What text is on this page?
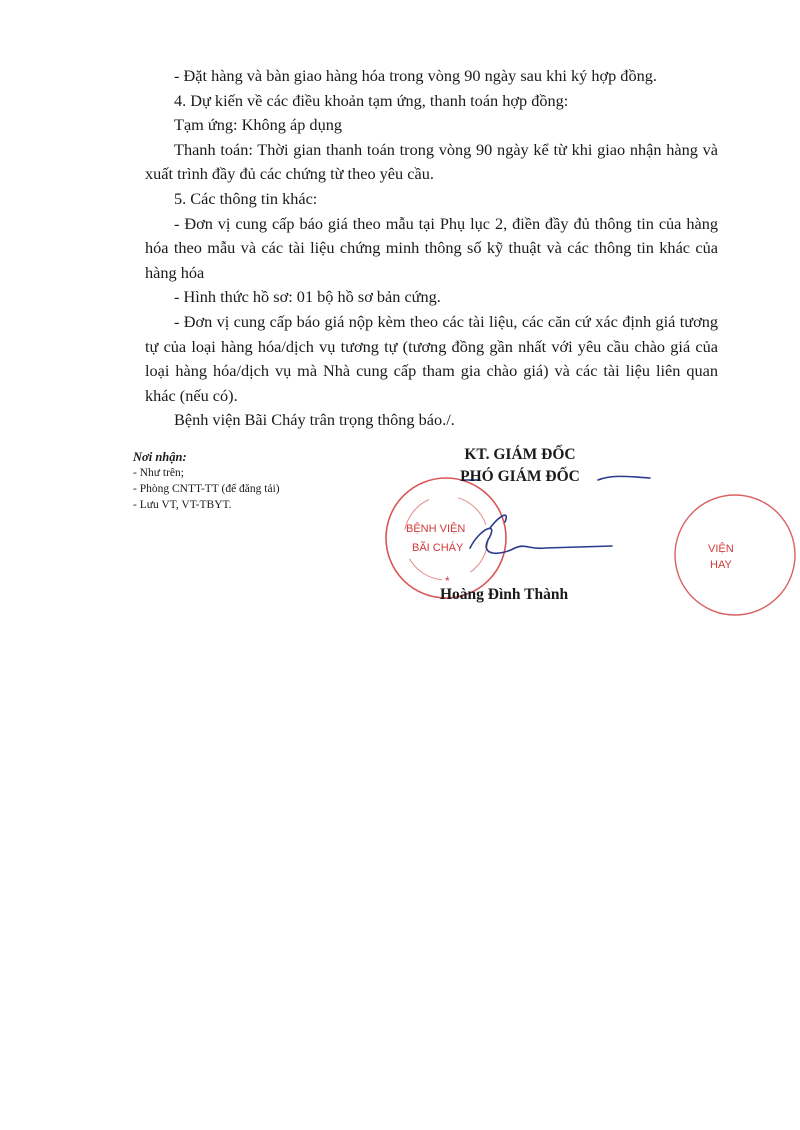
- Đặt hàng và bàn giao hàng hóa trong vòng 90 ngày sau khi ký hợp đồng.

4. Dự kiến về các điều khoản tạm ứng, thanh toán hợp đồng:

Tạm ứng: Không áp dụng

Thanh toán: Thời gian thanh toán trong vòng 90 ngày kể từ khi giao nhận hàng và xuất trình đầy đủ các chứng từ theo yêu cầu.

5. Các thông tin khác:

- Đơn vị cung cấp báo giá theo mẫu tại Phụ lục 2, điền đầy đủ thông tin của hàng hóa theo mẫu và các tài liệu chứng minh thông số kỹ thuật và các thông tin khác của hàng hóa

- Hình thức hồ sơ: 01 bộ hồ sơ bản cứng.

- Đơn vị cung cấp báo giá nộp kèm theo các tài liệu, các căn cứ xác định giá tương tự của loại hàng hóa/dịch vụ tương tự (tương đồng gần nhất với yêu cầu chào giá của loại hàng hóa/dịch vụ mà Nhà cung cấp tham gia chào giá) và các tài liệu liên quan khác (nếu có).

Bệnh viện Bãi Cháy trân trọng thông báo./.

Nơi nhận:
- Như trên;
- Phòng CNTT-TT (để đăng tải)
- Lưu VT, VT-TBYT.
BỆNH VIỆN
BÃI CHÁY
*
VIỆN
HAY
KT. GIÁM ĐỐC
PHÓ GIÁM ĐỐC
Hoàng Đình Thành
